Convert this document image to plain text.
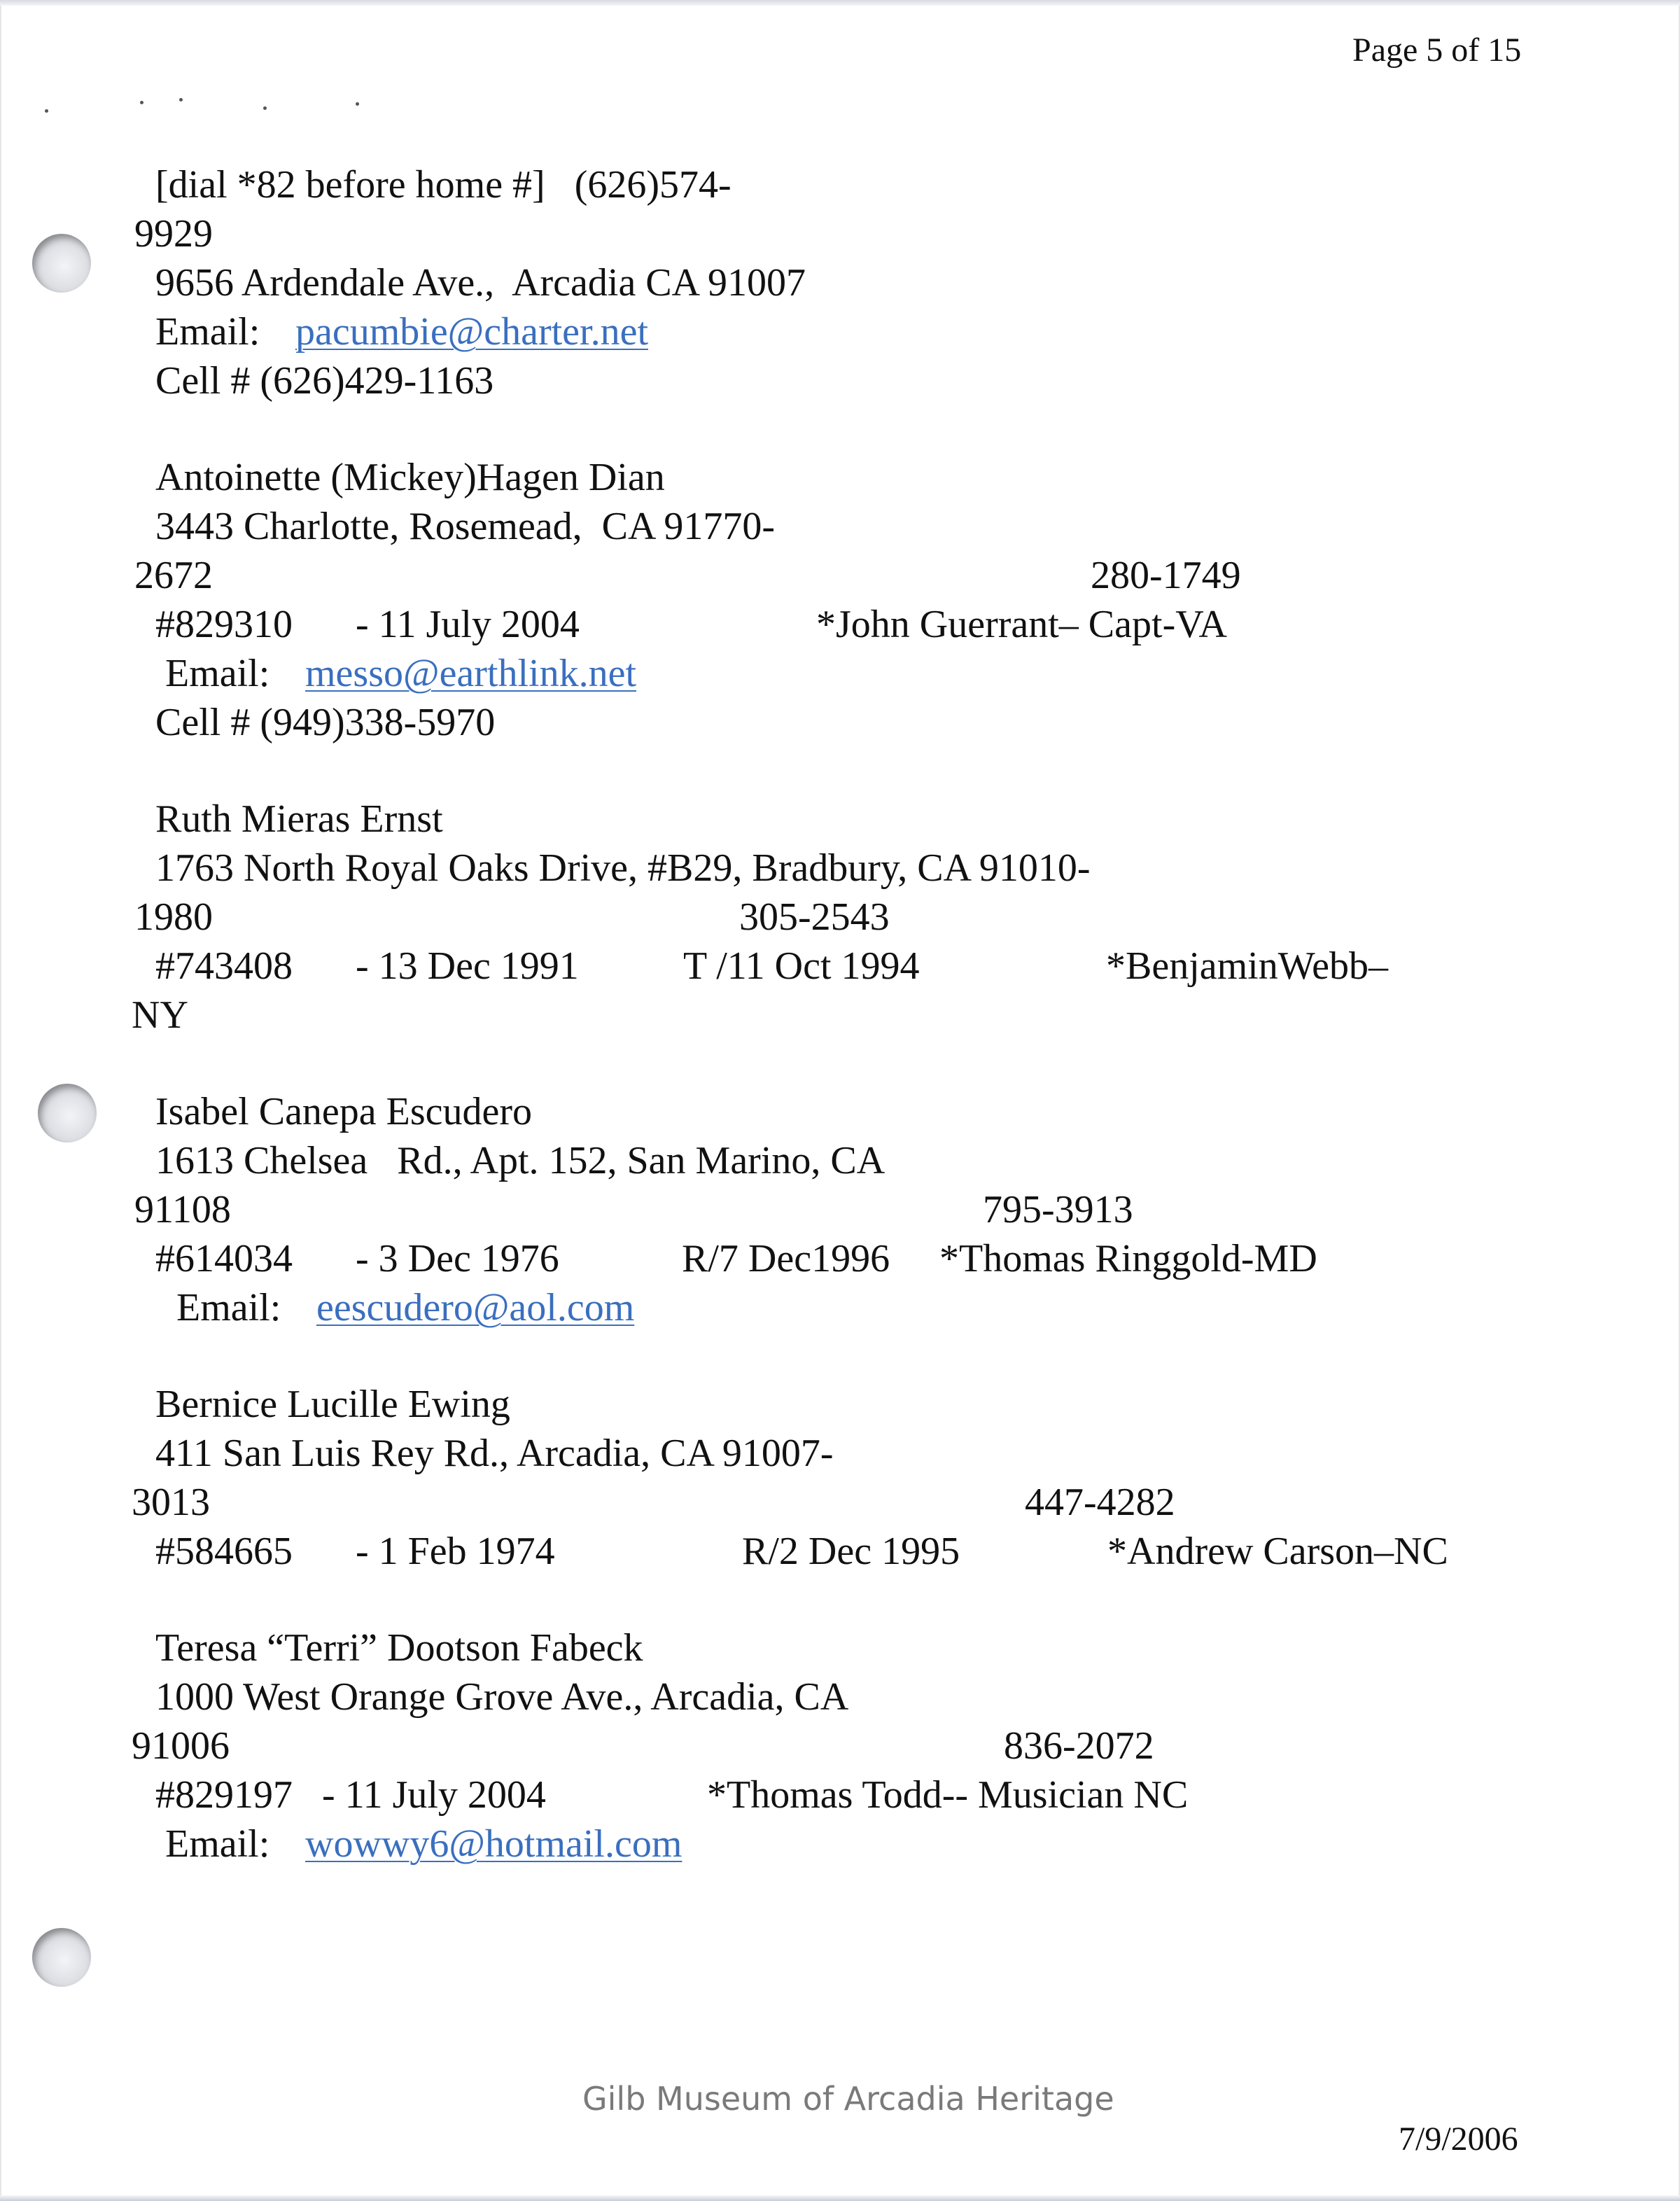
Page 5 of 15
[dial *82 before home #]   (626)574-
9929
9656 Ardendale Ave.,  Arcadia CA 91007
Email: pacumbie@charter.net
Cell # (626)429-1163
Antoinette (Mickey)Hagen Dian
3443 Charlotte, Rosemead,  CA 91770-
2672	280-1749
#829310 - 11 July 2004	*John Guerrant– Capt-VA
Email: messo@earthlink.net
Cell # (949)338-5970
Ruth Mieras Ernst
1763 North Royal Oaks Drive, #B29, Bradbury, CA 91010-
1980	305-2543
#743408 - 13 Dec 1991	T /11 Oct 1994	*BenjaminWebb–
NY
Isabel Canepa Escudero
1613 Chelsea   Rd., Apt. 152, San Marino, CA
91108	795-3913
#614034 - 3 Dec 1976	R/7 Dec1996 *Thomas Ringgold-MD
Email: eescudero@aol.com
Bernice Lucille Ewing
411 San Luis Rey Rd., Arcadia, CA 91007-
3013	447-4282
#584665 - 1 Feb 1974	R/2 Dec 1995	*Andrew Carson–NC
Teresa “Terri” Dootson Fabeck
1000 West Orange Grove Ave., Arcadia, CA
91006	836-2072
#829197 - 11 July 2004	*Thomas Todd-- Musician NC
Email: wowwy6@hotmail.com
Gilb Museum of Arcadia Heritage
7/9/2006
